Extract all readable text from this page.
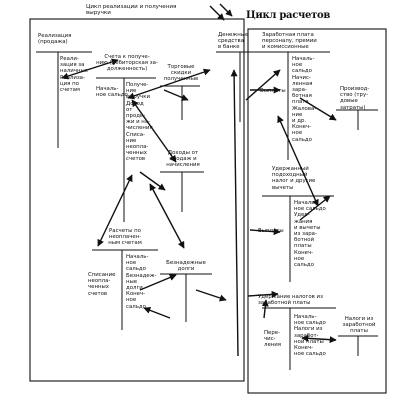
Цикл реализации и получения
выручки	Цикл расчетов
Реализация
(продажа)
Реали-
зация за
наличные
Реализа-
ция по
счетам
Счета к получе-
нию (дебиторская за-
долженность)
Началь-
ное сальдо
Получе-
ние
выручки
Доход
от
проди-
жи и на-
числения
Списа-
ние
неопла-
ченных
счетов
Торговые
скидки
полученные
Доходы от
продаж и
начисления
Расчеты по
неоплачен-
ным счетам
Списание
неопла-
ченных
счетов
Началь-
ное
сальдо
Безнадеж-
ные
долги
Конеч-
ное
сальдо
Безнадежные
долги
Денежные
средства
в банке
Заработная плата
персоналу, премии
и комиссионные
Выплаты
Началь-
ное
сальдо
Начис-
ленная
зара-
ботная
плата
Жалова-
ние
и др.
Конеч-
ное
сальдо
Производ-
ство (тру-
довые
затраты)
Удержанный
подоходный
налог и другие
вычеты
Выплаты
Началь-
ное сальдо
Удер-
жания
и вычеты
из зара-
ботной
платы
Конеч-
ное
сальдо
Удержание налогов из
заработной платы
Пере-
чис-
ления
Началь-
ное сальдо
Налоги из
заработ-
ной платы
Конеч-
ное сальдо
Налоги из
заработной
платы
